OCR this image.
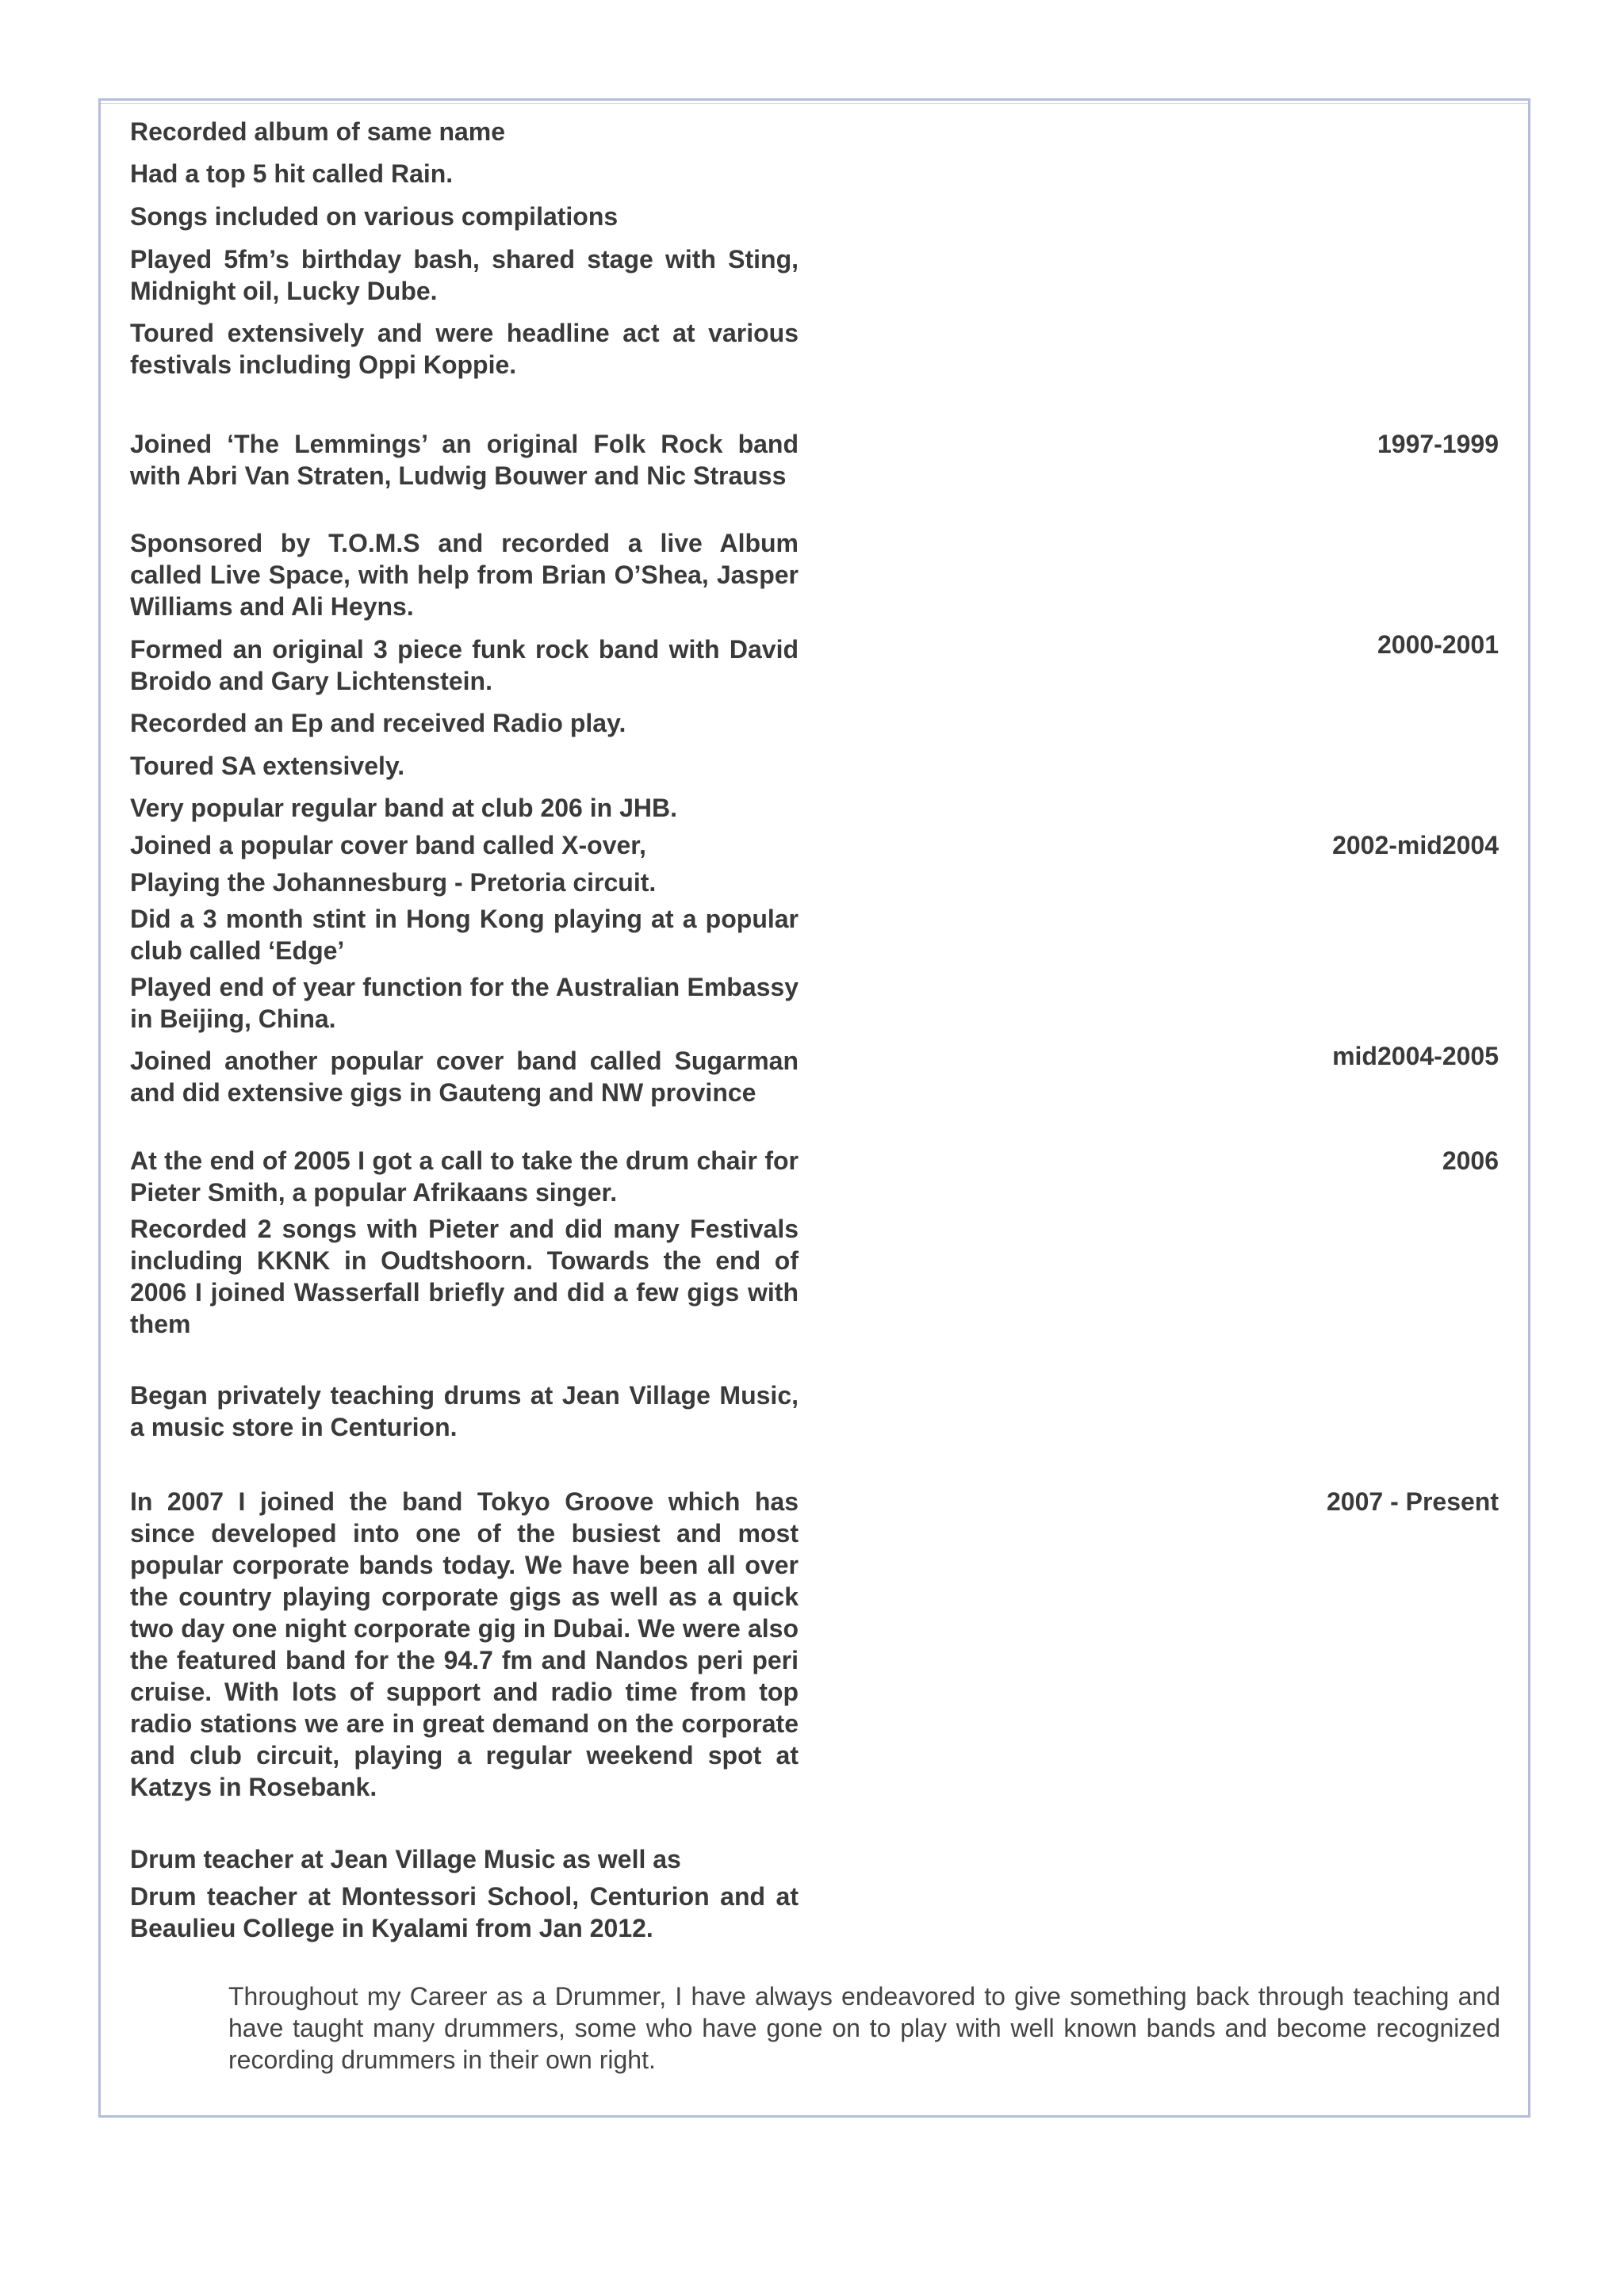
Recorded album of same name

Had a top 5 hit called Rain.

Songs included on various compilations

Played 5fm’s birthday bash, shared stage with Sting, Midnight oil, Lucky Dube.

Toured extensively and were headline act at various festivals including Oppi Koppie.

Joined ‘The Lemmings’ an original Folk Rock band with Abri Van Straten, Ludwig Bouwer and Nic Strauss

1997-1999

Sponsored by T.O.M.S and recorded a live Album called Live Space, with help from Brian O’Shea, Jasper Williams and Ali Heyns.

Formed an original 3 piece funk rock band with David Broido and Gary Lichtenstein.

2000-2001

Recorded an Ep and received Radio play.

Toured SA extensively.

Very popular regular band at club 206 in JHB.

Joined a popular cover band called X-over,	2002-mid2004

Playing the Johannesburg - Pretoria circuit.

Did a 3 month stint in Hong Kong playing at a popular club called ‘Edge’

Played end of year function for the Australian Embassy in Beijing, China.

Joined another popular cover band called Sugarman and did extensive gigs in Gauteng and NW province

mid2004-2005

At the end of 2005 I got a call to take the drum chair for Pieter Smith, a popular Afrikaans singer.

2006

Recorded 2 songs with Pieter and did many Festivals including KKNK in Oudtshoorn. Towards the end of 2006 I joined Wasserfall briefly and did a few gigs with them

Began privately teaching drums at Jean Village Music, a music store in Centurion.

In 2007 I joined the band Tokyo Groove which has since developed into one of the busiest and most popular corporate bands today. We have been all over the country playing corporate gigs as well as a quick two day one night corporate gig in Dubai. We were also the featured band for the 94.7 fm and Nandos peri peri cruise. With lots of support and radio time from top radio stations we are in great demand on the corporate and club circuit, playing a regular weekend spot at Katzys in Rosebank.

2007 - Present

Drum teacher at Jean Village Music as well as

Drum teacher at Montessori School, Centurion and at Beaulieu College in Kyalami from Jan 2012.

Throughout my Career as a Drummer, I have always endeavored to give something back through teaching and have taught many drummers, some who have gone on to play with well known bands and become recognized recording drummers in their own right.
